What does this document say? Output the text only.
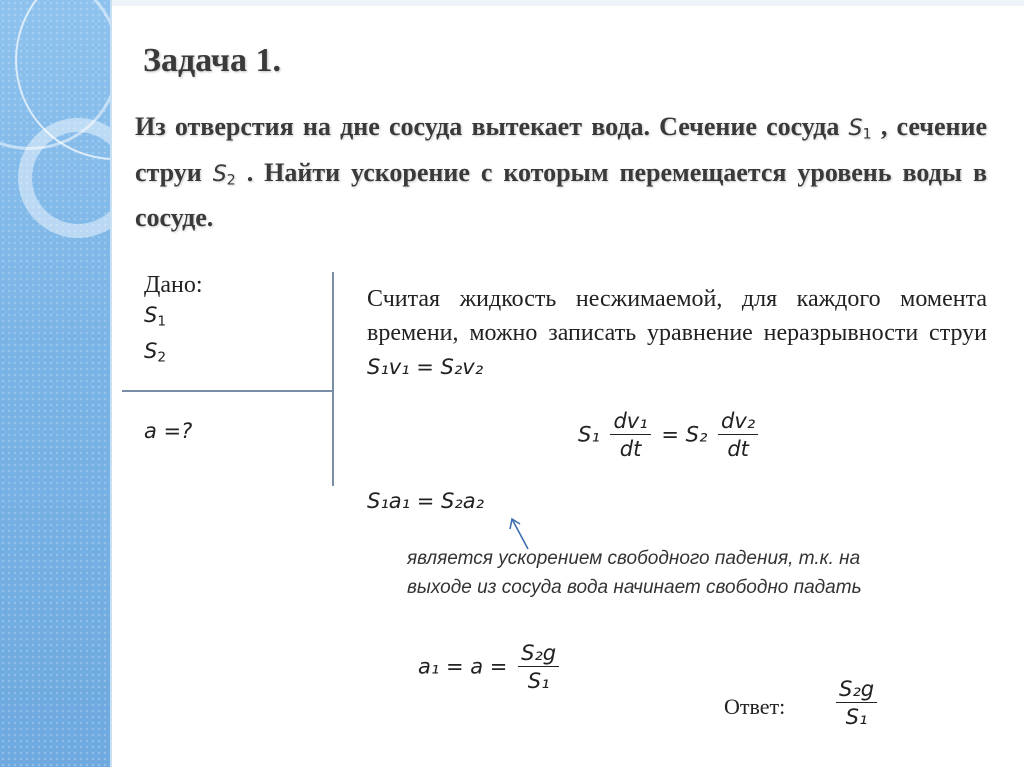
Задача 1.
Из отверстия на дне сосуда вытекает вода. Сечение сосуда $S_1$ , сечение струи $S_2$ . Найти ускорение с которым перемещается уровень воды в сосуде.
Дано:
$S_1$
$S_2$
a =?
Считая жидкость несжимаемой, для каждого момента времени, можно записать уравнение неразрывности струи S₁v₁ = S₂v₂
$S_1 \frac{\text{dv₁}}{dt} = S_2 \frac{\text{dv₂}}{dt}$
S₁a₁ = S₂a₂
является ускорением свободного падения, т.к. на
выходе из сосуда вода начинает свободно падать
$a_1 = a = \frac{\text{S₂g}}{\text{S₁}}$
Ответ: $\frac{\text{S₂g}}{\text{S₁}}$
